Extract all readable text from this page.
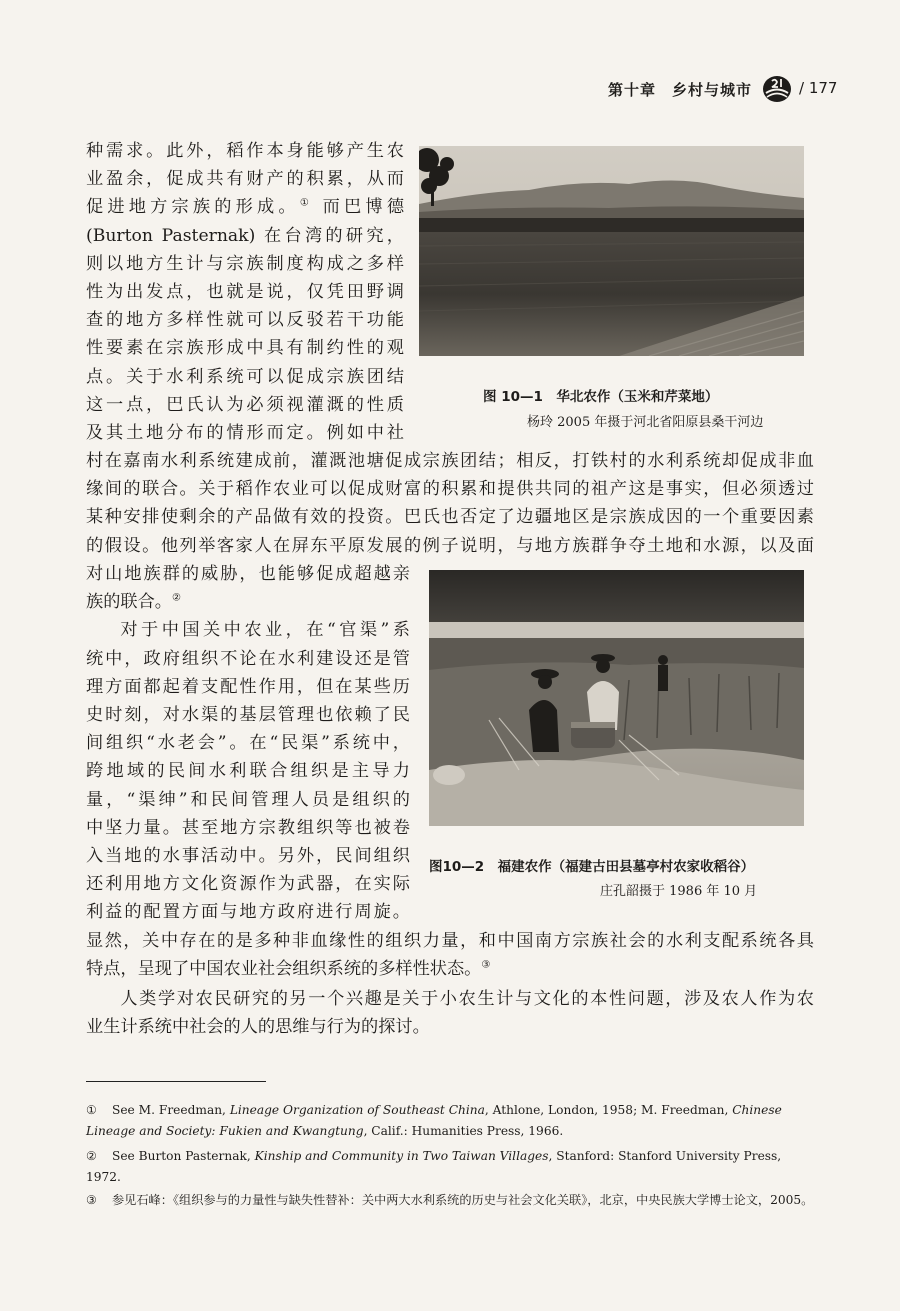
第十章　乡村与城市	/ 177

种需求。此外，稻作本身能够产生农

业盈余，促成共有财产的积累，从而

促进地方宗族的形成。① 而巴博德

(Burton Pasternak) 在台湾的研究，

则以地方生计与宗族制度构成之多样

性为出发点，也就是说，仅凭田野调

查的地方多样性就可以反驳若干功能

性要素在宗族形成中具有制约性的观

点。关于水利系统可以促成宗族团结

这一点，巴氏认为必须视灌溉的性质

及其土地分布的情形而定。例如中社

图 10—1　华北农作（玉米和芹菜地）
杨玲 2005 年摄于河北省阳原县桑干河边

村在嘉南水利系统建成前，灌溉池塘促成宗族团结；相反，打铁村的水利系统却促成非血

缘间的联合。关于稻作农业可以促成财富的积累和提供共同的祖产这是事实，但必须透过

某种安排使剩余的产品做有效的投资。巴氏也否定了边疆地区是宗族成因的一个重要因素

的假设。他列举客家人在屏东平原发展的例子说明，与地方族群争夺土地和水源，以及面

对山地族群的威胁，也能够促成超越亲

族的联合。②

对于中国关中农业，在“官渠”系

统中，政府组织不论在水利建设还是管

理方面都起着支配性作用，但在某些历

史时刻，对水渠的基层管理也依赖了民

间组织“水老会”。在“民渠”系统中，

跨地域的民间水利联合组织是主导力

量，“渠绅”和民间管理人员是组织的

中坚力量。甚至地方宗教组织等也被卷

入当地的水事活动中。另外，民间组织

还利用地方文化资源作为武器，在实际

利益的配置方面与地方政府进行周旋。

图10—2　福建农作（福建古田县墓亭村农家收稻谷）
庄孔韶摄于 1986 年 10 月

显然，关中存在的是多种非血缘性的组织力量，和中国南方宗族社会的水利支配系统各具

特点，呈现了中国农业社会组织系统的多样性状态。③

人类学对农民研究的另一个兴趣是关于小农生计与文化的本性问题，涉及农人作为农

业生计系统中社会的人的思维与行为的探讨。

① See M. Freedman, Lineage Organization of Southeast China, Athlone, London, 1958; M. Freedman, Chinese Lineage and Society: Fukien and Kwangtung, Calif.: Humanities Press, 1966.

② See Burton Pasternak, Kinship and Community in Two Taiwan Villages, Stanford: Stanford University Press, 1972.

③ 参见石峰：《组织参与的力量性与缺失性替补：关中两大水利系统的历史与社会文化关联》，北京，中央民族大学博士论文，2005。
